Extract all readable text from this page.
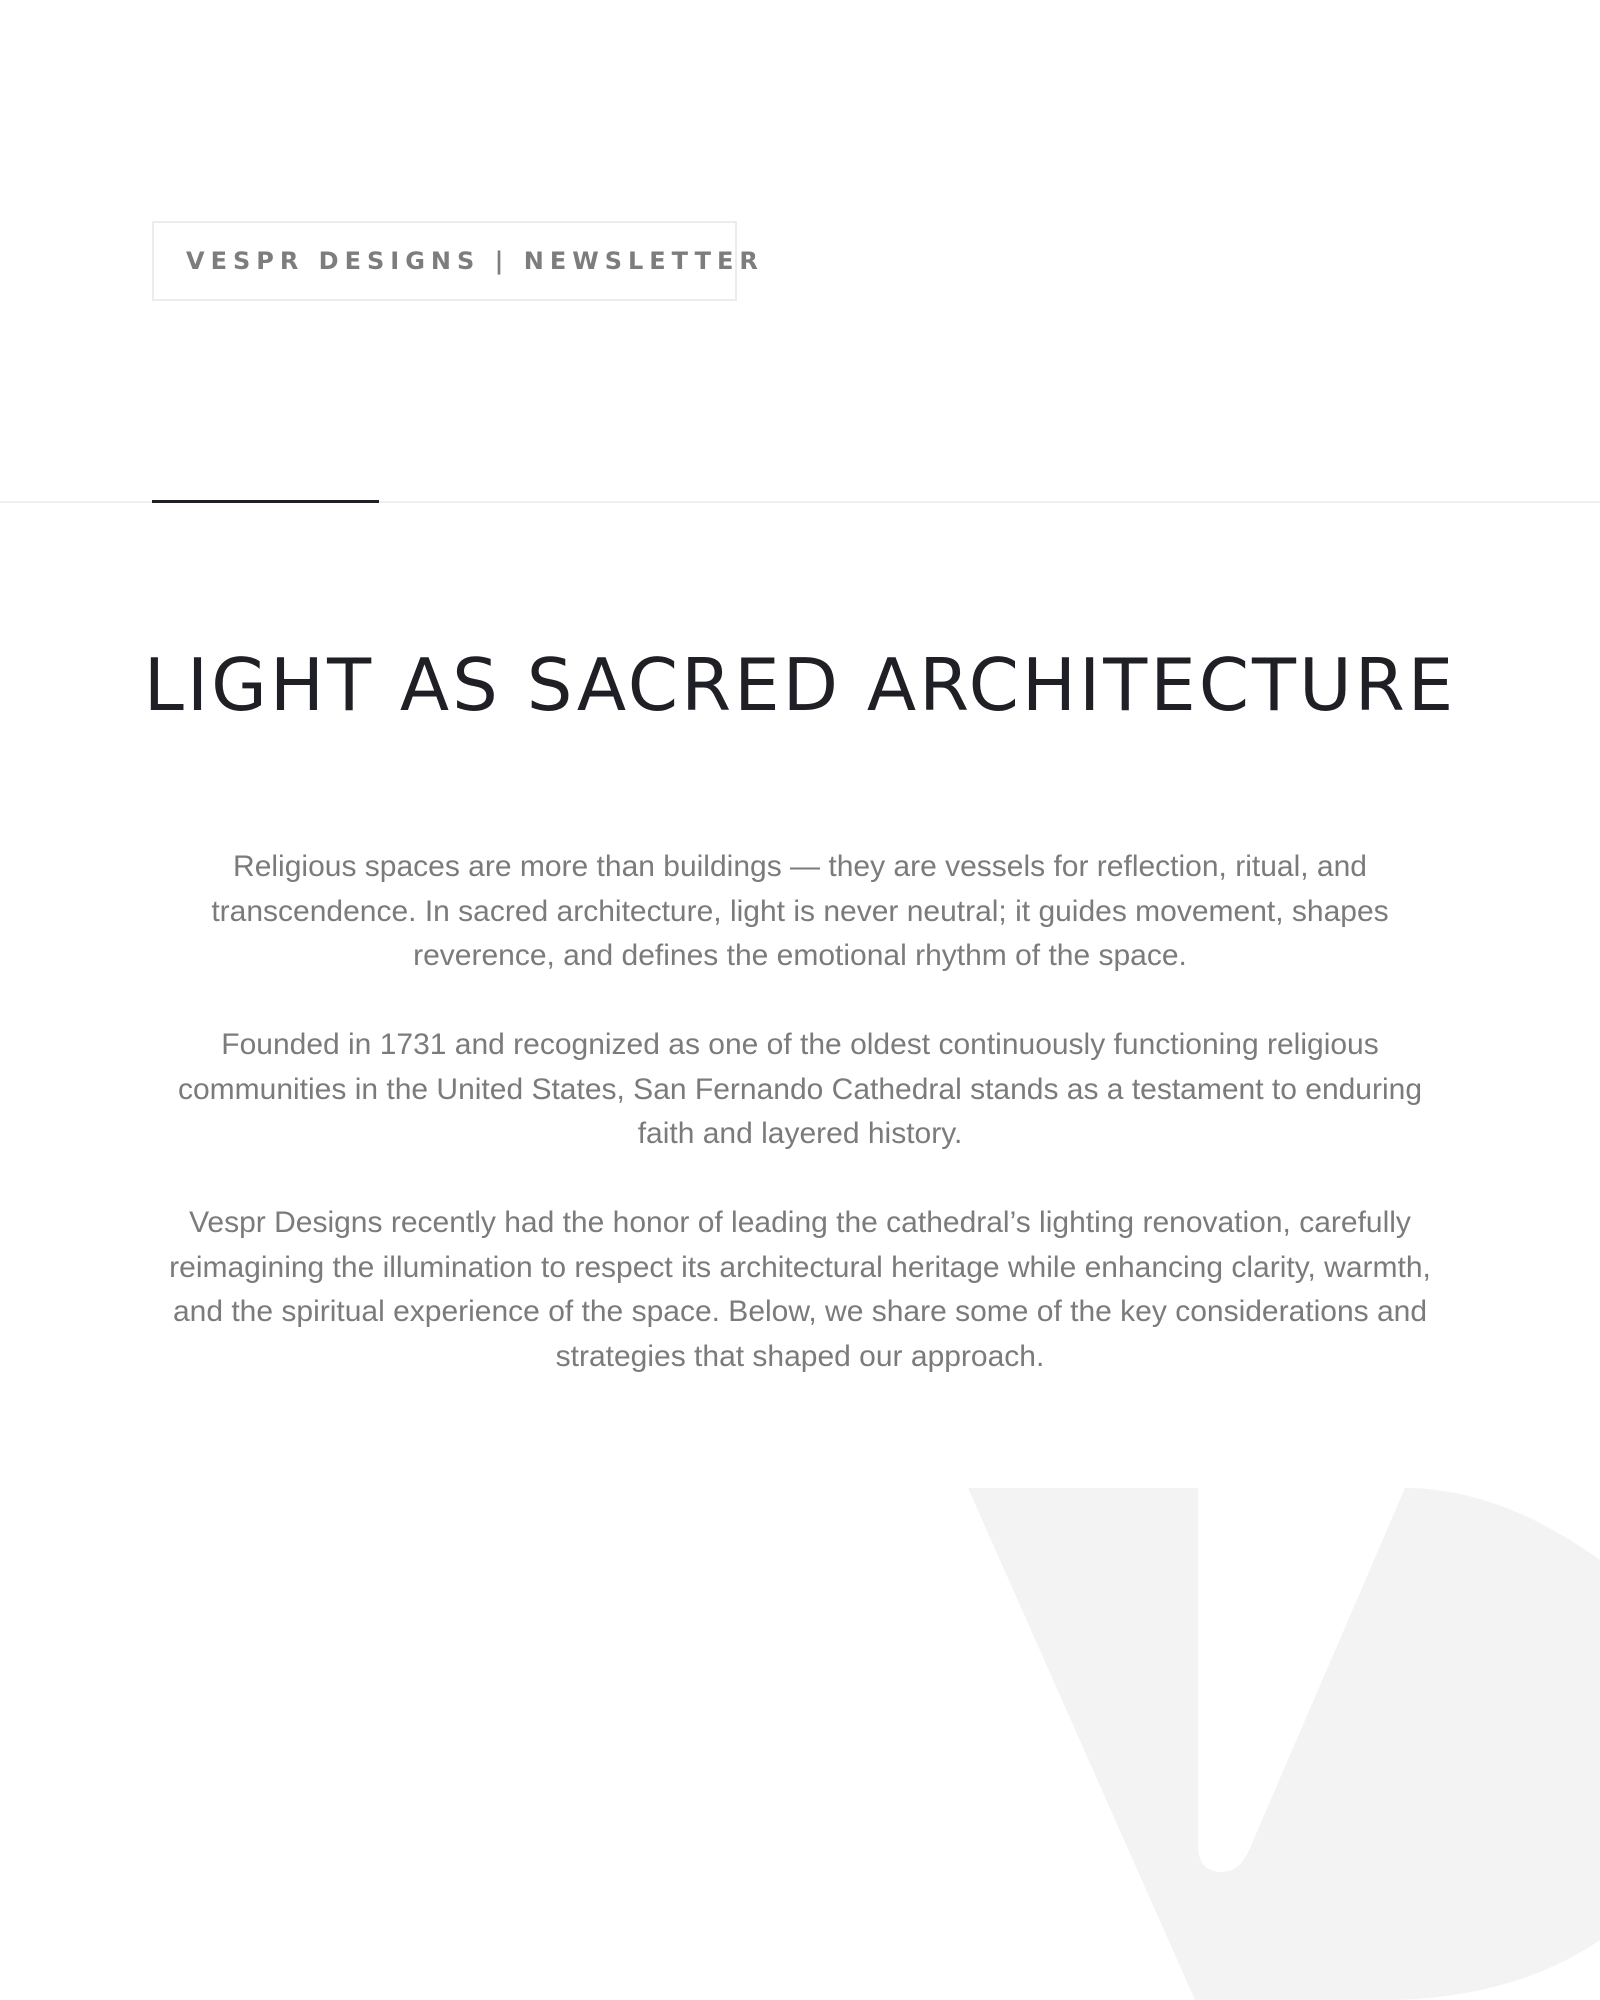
VESPR DESIGNS | NEWSLETTER
LIGHT AS SACRED ARCHITECTURE

Religious spaces are more than buildings — they are vessels for reflection, ritual, and transcendence. In sacred architecture, light is never neutral; it guides movement, shapes reverence, and defines the emotional rhythm of the space.

Founded in 1731 and recognized as one of the oldest continuously functioning religious communities in the United States, San Fernando Cathedral stands as a testament to enduring faith and layered history.

Vespr Designs recently had the honor of leading the cathedral’s lighting renovation, carefully reimagining the illumination to respect its architectural heritage while enhancing clarity, warmth, and the spiritual experience of the space. Below, we share some of the key considerations and strategies that shaped our approach.
